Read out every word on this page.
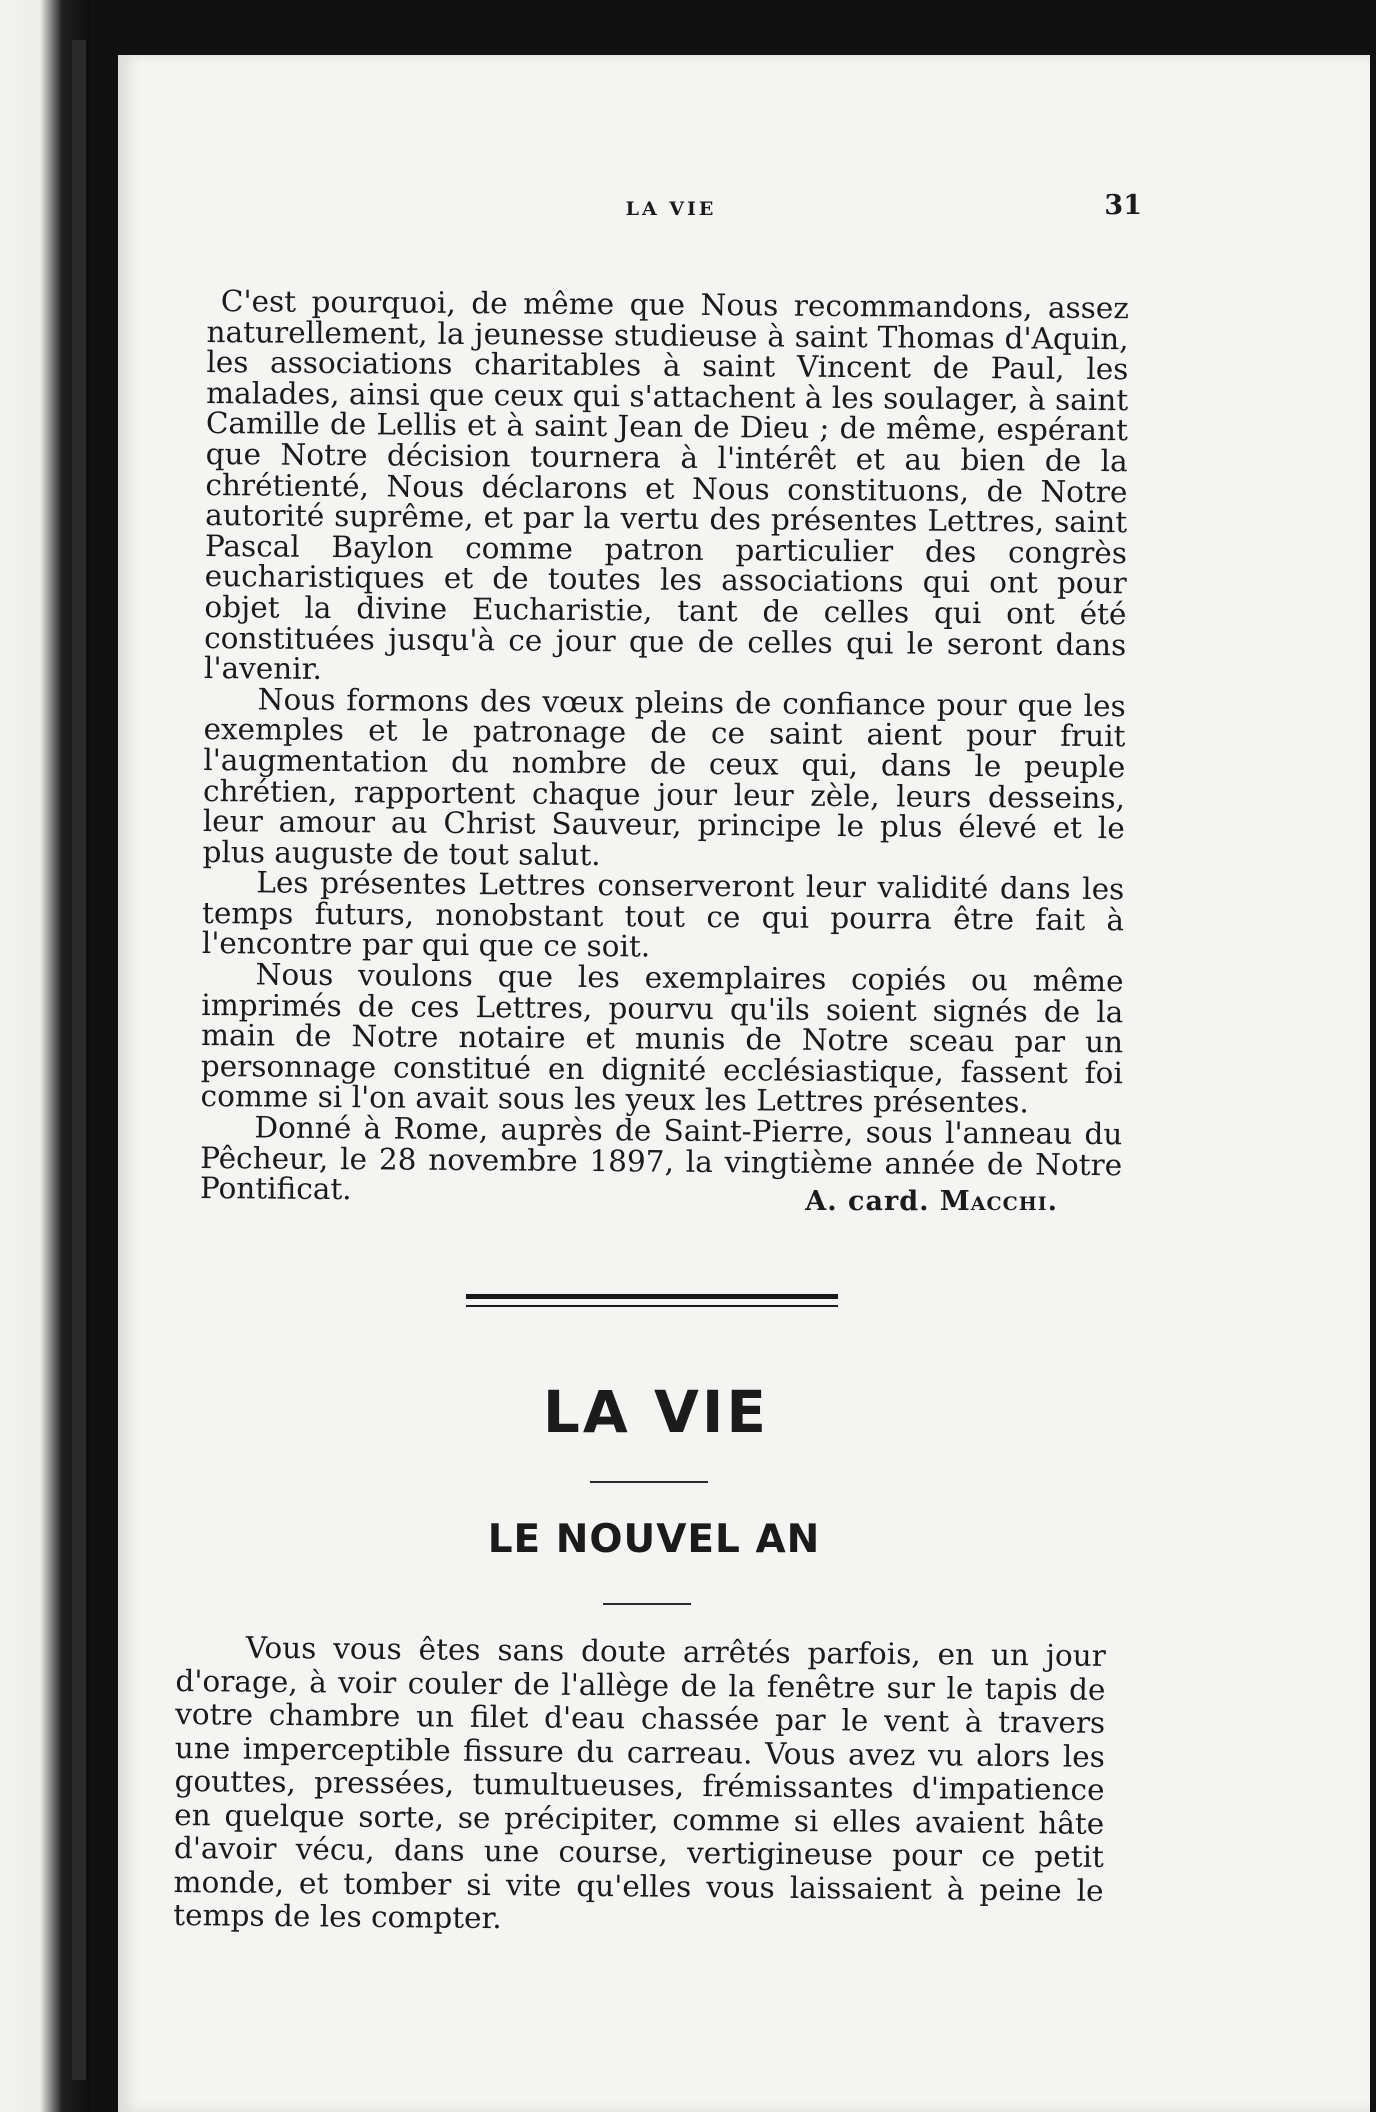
LA VIE	31

C'est pourquoi, de même que Nous recommandons, assez naturellement, la jeunesse studieuse à saint Thomas d'Aquin, les associations charitables à saint Vincent de Paul, les malades, ainsi que ceux qui s'attachent à les soulager, à saint Camille de Lellis et à saint Jean de Dieu ; de même, espérant que Notre décision tournera à l'intérêt et au bien de la chrétienté, Nous déclarons et Nous constituons, de Notre autorité suprême, et par la vertu des présentes Lettres, saint Pascal Baylon comme patron particulier des congrès eucharistiques et de toutes les associations qui ont pour objet la divine Eucharistie, tant de celles qui ont été constituées jusqu'à ce jour que de celles qui le seront dans l'avenir.

Nous formons des vœux pleins de confiance pour que les exemples et le patronage de ce saint aient pour fruit l'augmentation du nombre de ceux qui, dans le peuple chrétien, rapportent chaque jour leur zèle, leurs desseins, leur amour au Christ Sauveur, principe le plus élevé et le plus auguste de tout salut.

Les présentes Lettres conserveront leur validité dans les temps futurs, nonobstant tout ce qui pourra être fait à l'encontre par qui que ce soit.

Nous voulons que les exemplaires copiés ou même imprimés de ces Lettres, pourvu qu'ils soient signés de la main de Notre notaire et munis de Notre sceau par un personnage constitué en dignité ecclésiastique, fassent foi comme si l'on avait sous les yeux les Lettres présentes.

Donné à Rome, auprès de Saint-Pierre, sous l'anneau du Pêcheur, le 28 novembre 1897, la vingtième année de Notre Pontificat.	A. card. Macchi.
LA VIE
LE NOUVEL AN

Vous vous êtes sans doute arrêtés parfois, en un jour d'orage, à voir couler de l'allège de la fenêtre sur le tapis de votre chambre un filet d'eau chassée par le vent à travers une imperceptible fissure du carreau. Vous avez vu alors les gouttes, pressées, tumultueuses, frémissantes d'impatience en quelque sorte, se précipiter, comme si elles avaient hâte d'avoir vécu, dans une course, vertigineuse pour ce petit monde, et tomber si vite qu'elles vous laissaient à peine le temps de les compter.
